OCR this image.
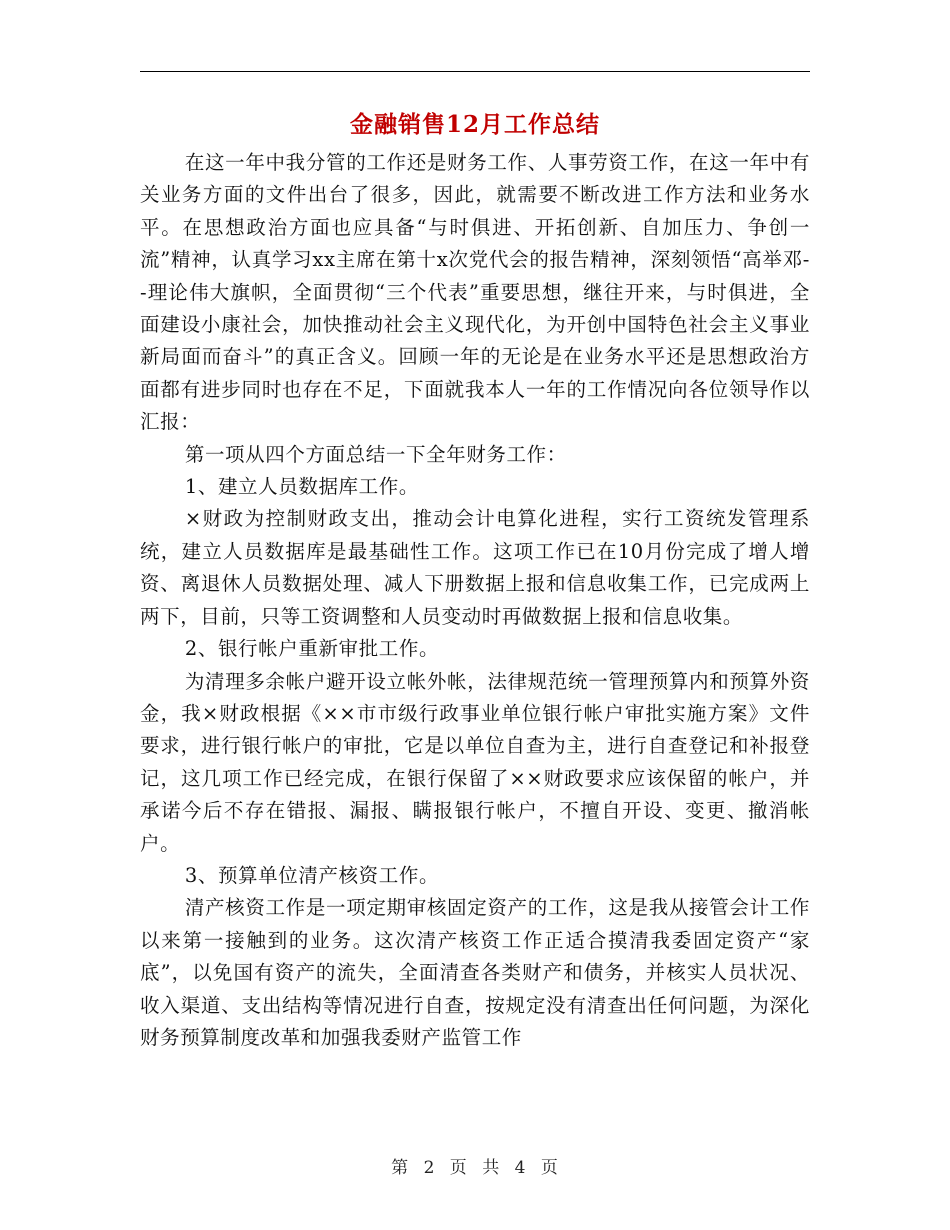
金融销售12月工作总结

在这一年中我分管的工作还是财务工作、人事劳资工作，在这一年中有关业务方面的文件出台了很多，因此，就需要不断改进工作方法和业务水平。在思想政治方面也应具备“与时俱进、开拓创新、自加压力、争创一流”精神，认真学习xx主席在第十x次党代会的报告精神，深刻领悟“高举邓--理论伟大旗帜，全面贯彻“三个代表”重要思想，继往开来，与时俱进，全面建设小康社会，加快推动社会主义现代化，为开创中国特色社会主义事业新局面而奋斗”的真正含义。回顾一年的无论是在业务水平还是思想政治方面都有进步同时也存在不足，下面就我本人一年的工作情况向各位领导作以汇报：

第一项从四个方面总结一下全年财务工作：

1、建立人员数据库工作。

×财政为控制财政支出，推动会计电算化进程，实行工资统发管理系统，建立人员数据库是最基础性工作。这项工作已在10月份完成了增人增资、离退休人员数据处理、减人下册数据上报和信息收集工作，已完成两上两下，目前，只等工资调整和人员变动时再做数据上报和信息收集。

2、银行帐户重新审批工作。

为清理多余帐户避开设立帐外帐，法律规范统一管理预算内和预算外资金，我×财政根据《××市市级行政事业单位银行帐户审批实施方案》文件要求，进行银行帐户的审批，它是以单位自查为主，进行自查登记和补报登记，这几项工作已经完成，在银行保留了××财政要求应该保留的帐户，并承诺今后不存在错报、漏报、瞒报银行帐户，不擅自开设、变更、撤消帐户。

3、预算单位清产核资工作。

清产核资工作是一项定期审核固定资产的工作，这是我从接管会计工作以来第一接触到的业务。这次清产核资工作正适合摸清我委固定资产“家底”，以免国有资产的流失，全面清查各类财产和债务，并核实人员状况、收入渠道、支出结构等情况进行自查，按规定没有清查出任何问题，为深化财务预算制度改革和加强我委财产监管工作

第 2 页 共 4 页
